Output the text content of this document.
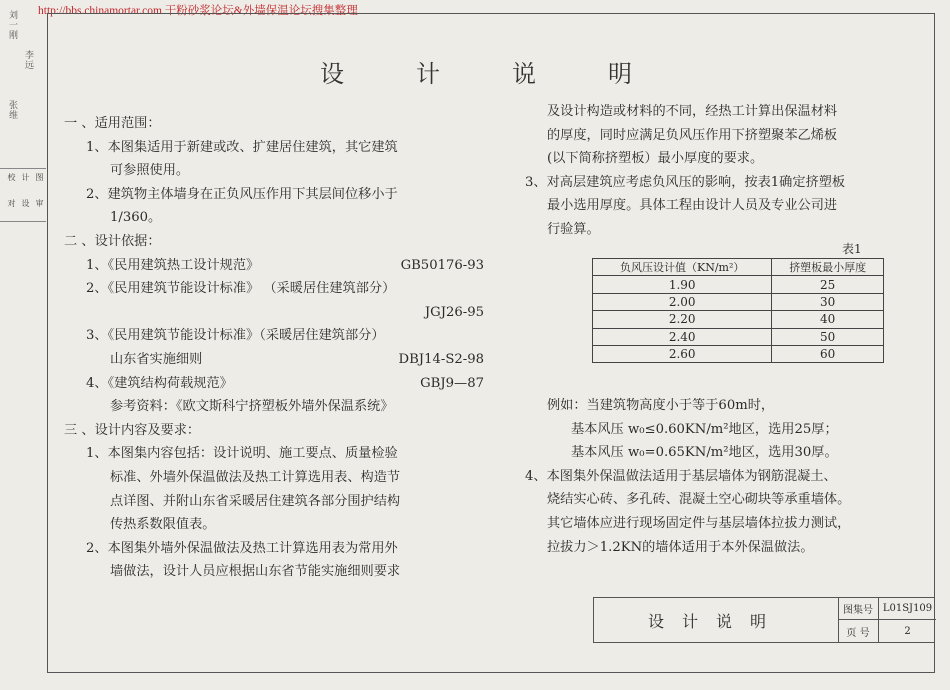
http://bbs.chinamortar.com 干粉砂浆论坛&外墙保温论坛搜集整理
刘一刚
李远
张维
校
对
计
设
图
审
设	计	说	明

一 、适用范围：

1、本图集适用于新建或改、扩建居住建筑，其它建筑

可参照使用。

2、建筑物主体墙身在正负风压作用下其层间位移小于

1/360。

二 、设计依据：

1、《民用建筑热工设计规范》	GB50176-93

2、《民用建筑节能设计标准》 （采暖居住建筑部分）

JGJ26-95

3、《民用建筑节能设计标准》（采暖居住建筑部分）

山东省实施细则	DBJ14-S2-98

4、《建筑结构荷载规范》	GBJ9—87

参考资料：《欧文斯科宁挤塑板外墙外保温系统》

三 、设计内容及要求：

1、本图集内容包括：设计说明、施工要点、质量检验

标准、外墙外保温做法及热工计算选用表、构造节

点详图、并附山东省采暖居住建筑各部分围护结构

传热系数限值表。

2、本图集外墙外保温做法及热工计算选用表为常用外

墙做法，设计人员应根据山东省节能实施细则要求

及设计构造或材料的不同，经热工计算出保温材料

的厚度，同时应满足负风压作用下挤塑聚苯乙烯板

(以下简称挤塑板）最小厚度的要求。

3、对高层建筑应考虑负风压的影响，按表1确定挤塑板

最小选用厚度。具体工程由设计人员及专业公司进

行验算。

表1
负风压设计值（KN/m²）	挤塑板最小厚度
1.90	25
2.00	30
2.20	40
2.40	50
2.60	60

例如：当建筑物高度小于等于60m时，

基本风压 w₀≤0.60KN/m²地区，选用25厚；

基本风压 w₀=0.65KN/m²地区，选用30厚。

4、本图集外保温做法适用于基层墙体为钢筋混凝土、

烧结实心砖、多孔砖、混凝土空心砌块等承重墙体。

其它墙体应进行现场固定件与基层墙体拉拔力测试，

拉拔力＞1.2KN的墙体适用于本外保温做法。

设计说明
图集号 L01SJ109
页 号	2
